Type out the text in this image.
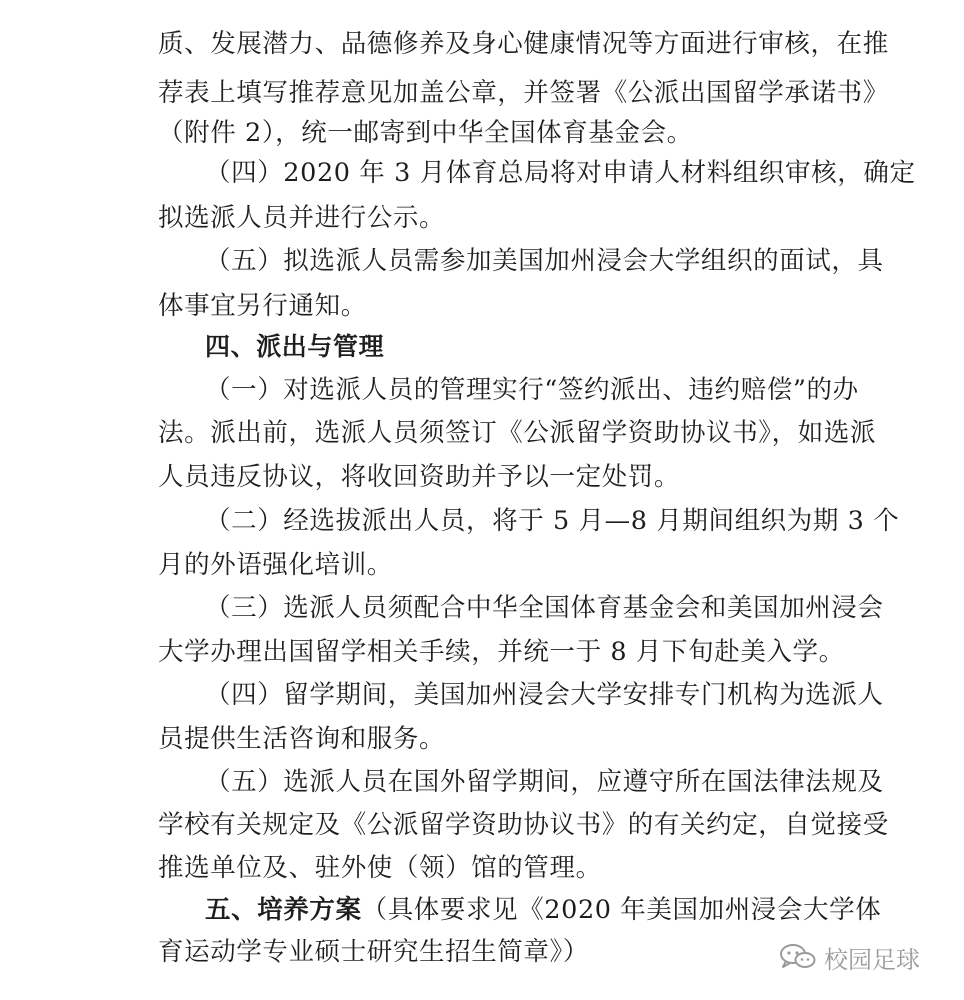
质、发展潜力、品德修养及身心健康情况等方面进行审核，在推
荐表上填写推荐意见加盖公章，并签署《公派出国留学承诺书》
（附件 2），统一邮寄到中华全国体育基金会。
（四）2020 年 3 月体育总局将对申请人材料组织审核，确定
拟选派人员并进行公示。
（五）拟选派人员需参加美国加州浸会大学组织的面试，具
体事宜另行通知。
四、派出与管理
（一）对选派人员的管理实行“签约派出、违约赔偿”的办
法。派出前，选派人员须签订《公派留学资助协议书》，如选派
人员违反协议，将收回资助并予以一定处罚。
（二）经选拔派出人员，将于 5 月—8 月期间组织为期 3 个
月的外语强化培训。
（三）选派人员须配合中华全国体育基金会和美国加州浸会
大学办理出国留学相关手续，并统一于 8 月下旬赴美入学。
（四）留学期间，美国加州浸会大学安排专门机构为选派人
员提供生活咨询和服务。
（五）选派人员在国外留学期间，应遵守所在国法律法规及
学校有关规定及《公派留学资助协议书》的有关约定，自觉接受
推选单位及、驻外使（领）馆的管理。
五、培养方案（具体要求见《2020 年美国加州浸会大学体
育运动学专业硕士研究生招生简章》）	校园足球
